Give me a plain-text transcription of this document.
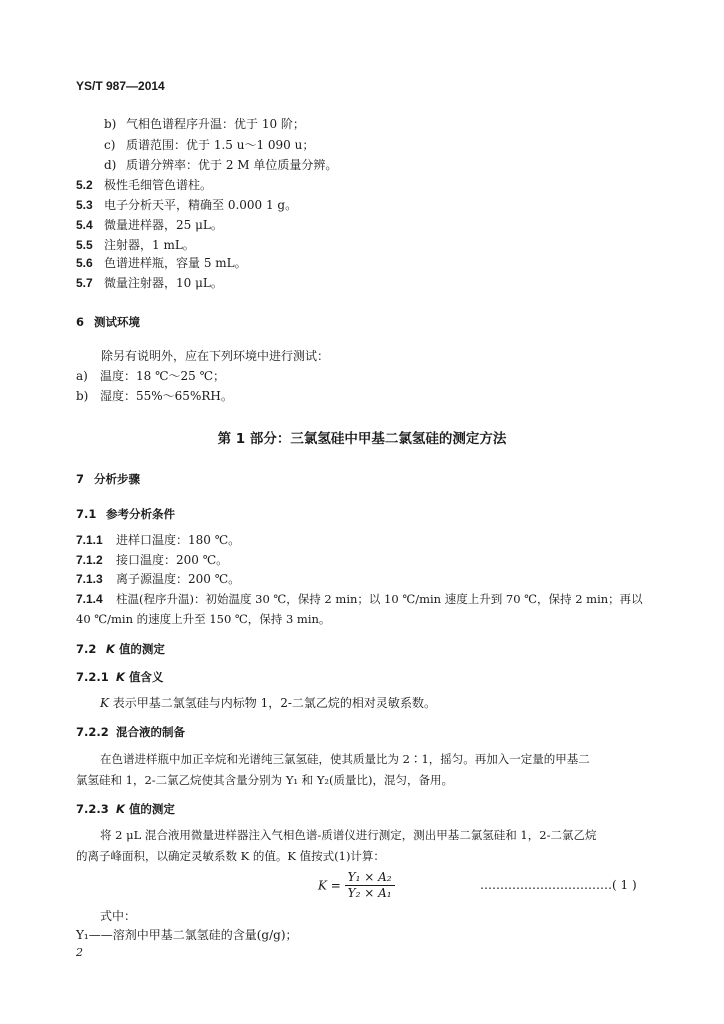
YS/T 987—2014
b) 气相色谱程序升温：优于 10 阶；
c) 质谱范围：优于 1.5 u～1 090 u；
d) 质谱分辨率：优于 2 M 单位质量分辨。
5.2 极性毛细管色谱柱。
5.3 电子分析天平，精确至 0.000 1 g。
5.4 微量进样器，25 μL。
5.5 注射器，1 mL。
5.6 色谱进样瓶，容量 5 mL。
5.7 微量注射器，10 μL。
6 测试环境
除另有说明外，应在下列环境中进行测试：
a) 温度：18 ℃～25 ℃；
b) 湿度：55%～65%RH。
第 1 部分：三氯氢硅中甲基二氯氢硅的测定方法
7 分析步骤
7.1 参考分析条件
7.1.1 进样口温度：180 ℃。
7.1.2 接口温度：200 ℃。
7.1.3 离子源温度：200 ℃。
7.1.4 柱温(程序升温)：初始温度 30 ℃，保持 2 min；以 10 ℃/min 速度上升到 70 ℃，保持 2 min；再以
40 ℃/min 的速度上升至 150 ℃，保持 3 min。
7.2 K 值的测定
7.2.1 K 值含义
K 表示甲基二氯氢硅与内标物 1，2-二氯乙烷的相对灵敏系数。
7.2.2 混合液的制备
在色谱进样瓶中加正辛烷和光谱纯三氯氢硅，使其质量比为 2∶1，摇匀。再加入一定量的甲基二
氯氢硅和 1，2-二氯乙烷使其含量分别为 Y₁ 和 Y₂(质量比)，混匀，备用。
7.2.3 K 值的测定
将 2 μL 混合液用微量进样器注入气相色谱-质谱仪进行测定，测出甲基二氯氢硅和 1，2-二氯乙烷
的离子峰面积，以确定灵敏系数 K 的值。K 值按式(1)计算：
$K = \frac{\text{Y₁ × A₂}}{\text{Y₂ × A₁}}$	……………………………( 1 )
式中：
Y₁——溶剂中甲基二氯氢硅的含量(g/g)；
2
